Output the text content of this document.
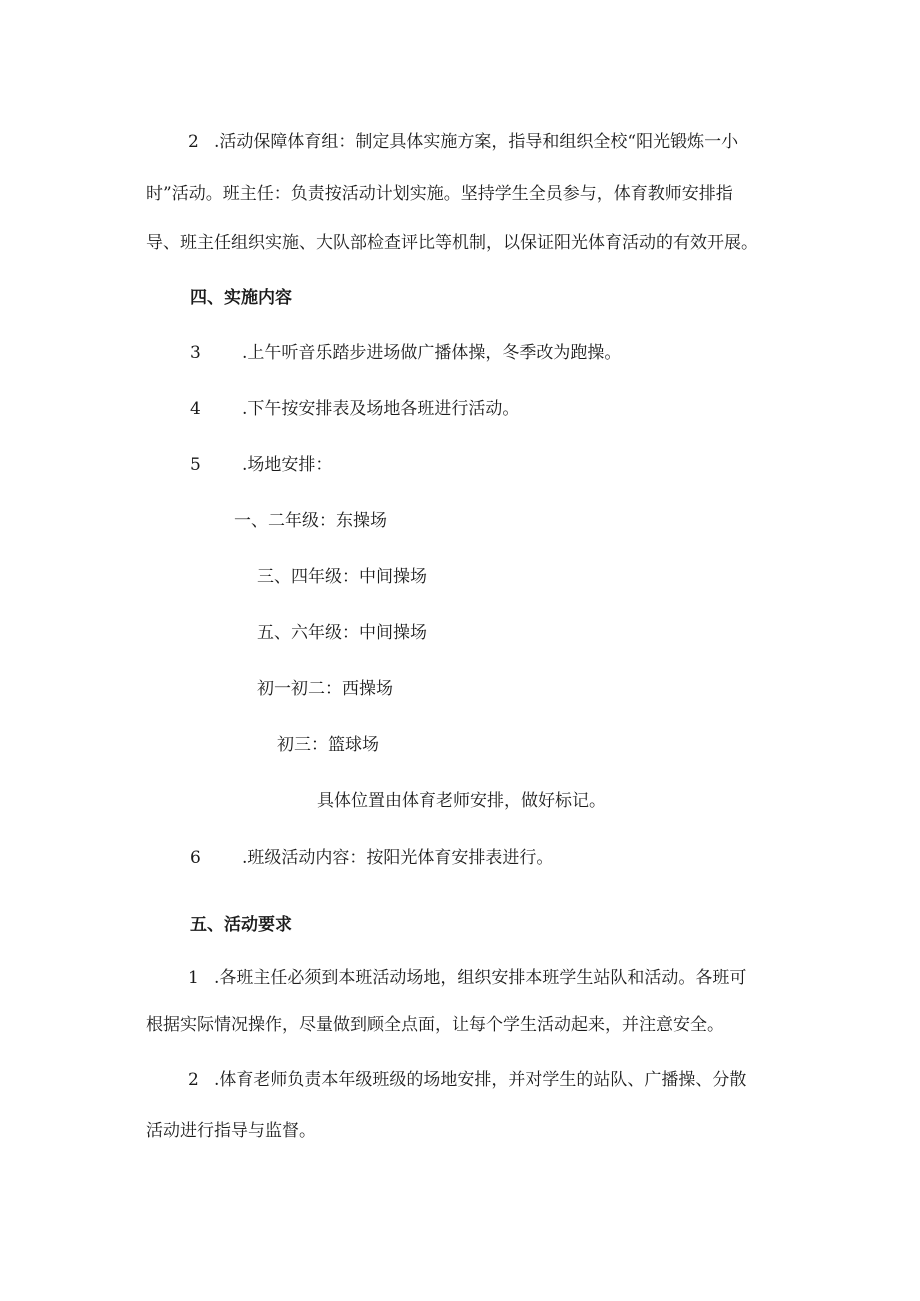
2 .活动保障体育组：制定具体实施方案，指导和组织全校“阳光锻炼一小
时”活动。班主任：负责按活动计划实施。坚持学生全员参与，体育教师安排指
导、班主任组织实施、大队部检查评比等机制，以保证阳光体育活动的有效开展。
四、实施内容
3 .上午听音乐踏步进场做广播体操，冬季改为跑操。
4 .下午按安排表及场地各班进行活动。
5 .场地安排：
一、二年级：东操场
三、四年级：中间操场
五、六年级：中间操场
初一初二：西操场
初三：篮球场
具体位置由体育老师安排，做好标记。
6 .班级活动内容：按阳光体育安排表进行。
五、活动要求
1 .各班主任必须到本班活动场地，组织安排本班学生站队和活动。各班可
根据实际情况操作，尽量做到顾全点面，让每个学生活动起来，并注意安全。
2 .体育老师负责本年级班级的场地安排，并对学生的站队、广播操、分散
活动进行指导与监督。
